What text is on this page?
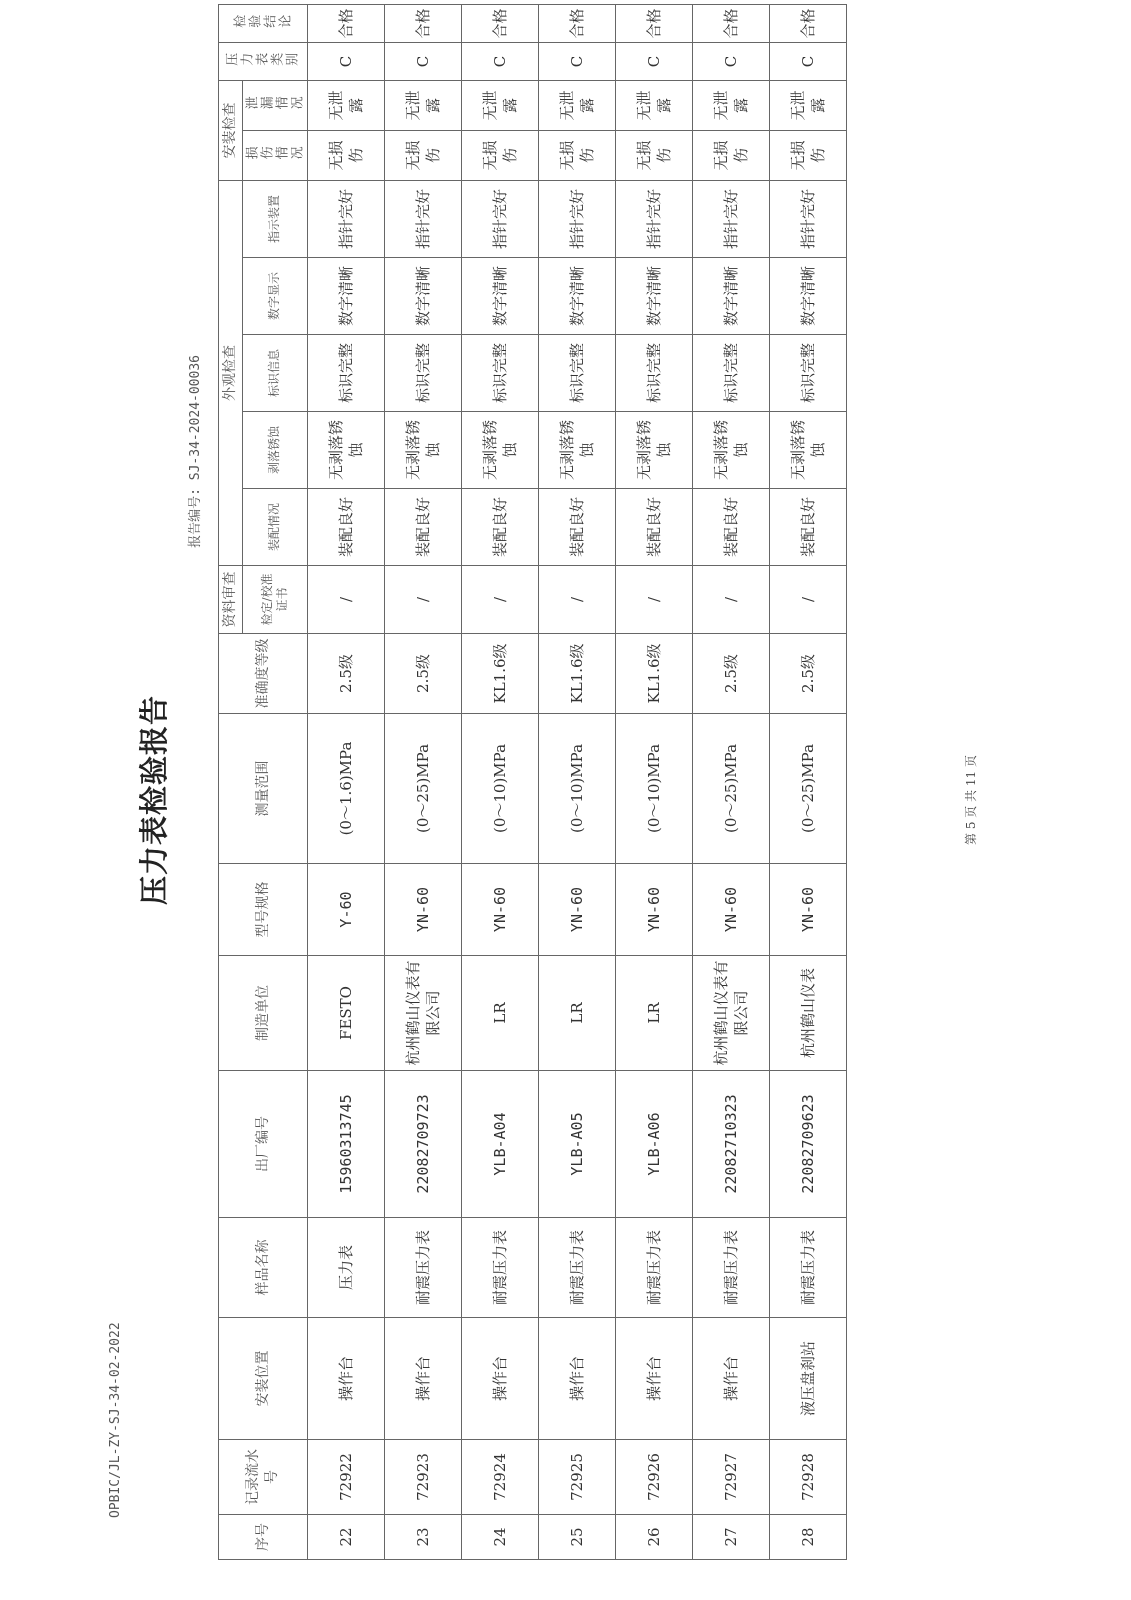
OPBIC/JL-ZY-SJ-34-02-2022
压力表检验报告
报告编号: SJ-34-2024-00036
序号	记录流水号	安装位置	样品名称	出厂编号	制造单位	型号规格	测量范围	准确度等级	资料审查	外观检查					安装检查		压力表类别	检验结论
									检定/校准证书	装配情况	剥落锈蚀	标识信息	数字显示	指示装置	损伤情况	泄漏情况		
22	72922	操作台	压力表	15960313745	FESTO	Y-60	(0～1.6)MPa	2.5级	/	装配良好	无剥落锈蚀	标识完整	数字清晰	指针完好	无损伤	无泄露	C	合格
23	72923	操作台	耐震压力表	22082709723	杭州鹤山仪表有限公司	YN-60	(0～25)MPa	2.5级	/	装配良好	无剥落锈蚀	标识完整	数字清晰	指针完好	无损伤	无泄露	C	合格
24	72924	操作台	耐震压力表	YLB-A04	LR	YN-60	(0～10)MPa	KL1.6级	/	装配良好	无剥落锈蚀	标识完整	数字清晰	指针完好	无损伤	无泄露	C	合格
25	72925	操作台	耐震压力表	YLB-A05	LR	YN-60	(0～10)MPa	KL1.6级	/	装配良好	无剥落锈蚀	标识完整	数字清晰	指针完好	无损伤	无泄露	C	合格
26	72926	操作台	耐震压力表	YLB-A06	LR	YN-60	(0～10)MPa	KL1.6级	/	装配良好	无剥落锈蚀	标识完整	数字清晰	指针完好	无损伤	无泄露	C	合格
27	72927	操作台	耐震压力表	22082710323	杭州鹤山仪表有限公司	YN-60	(0～25)MPa	2.5级	/	装配良好	无剥落锈蚀	标识完整	数字清晰	指针完好	无损伤	无泄露	C	合格
28	72928	液压盘刹站	耐震压力表	22082709623	杭州鹤山仪表	YN-60	(0～25)MPa	2.5级	/	装配良好	无剥落锈蚀	标识完整	数字清晰	指针完好	无损伤	无泄露	C	合格
第 5 页 共 11 页
